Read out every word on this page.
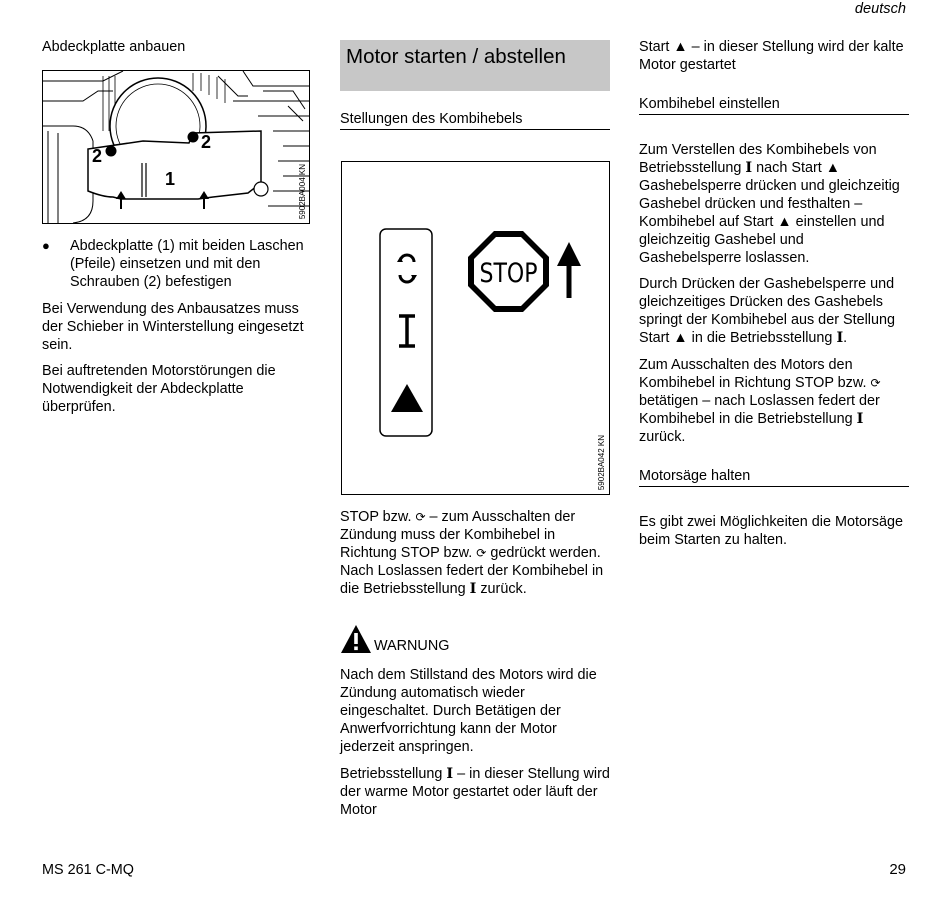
deutsch
Abdeckplatte anbauen
2
2
1	5902BA004 KN
●	Abdeckplatte (1) mit beiden Laschen (Pfeile) einsetzen und mit den Schrauben (2) befestigen

Bei Verwendung des Anbausatzes muss der Schieber in Winterstellung eingesetzt sein.

Bei auftretenden Motorstörungen die Notwendigkeit der Abdeckplatte überprüfen.

Motor starten / abstellen
Stellungen des Kombihebels
STOP
5902BA042 KN

STOP bzw. ⟳ – zum Ausschalten der Zündung muss der Kombihebel in Richtung STOP bzw. ⟳ gedrückt werden. Nach Loslassen federt der Kombihebel in die Betriebsstellung I zurück.

WARNUNG

Nach dem Stillstand des Motors wird die Zündung automatisch wieder eingeschaltet. Durch Betätigen der Anwerfvorrichtung kann der Motor jederzeit anspringen.

Betriebsstellung I – in dieser Stellung wird der warme Motor gestartet oder läuft der Motor

Start ▲ – in dieser Stellung wird der kalte Motor gestartet

Kombihebel einstellen

Zum Verstellen des Kombihebels von Betriebsstellung I nach Start ▲ Gashebelsperre drücken und gleichzeitig Gashebel drücken und festhalten – Kombihebel auf Start ▲ einstellen und gleichzeitig Gashebel und Gashebelsperre loslassen.

Durch Drücken der Gashebelsperre und gleichzeitiges Drücken des Gashebels springt der Kombihebel aus der Stellung Start ▲ in die Betriebsstellung I.

Zum Ausschalten des Motors den Kombihebel in Richtung STOP bzw. ⟳ betätigen – nach Loslassen federt der Kombihebel in die Betriebstellung I zurück.

Motorsäge halten

Es gibt zwei Möglichkeiten die Motorsäge beim Starten zu halten.

MS 261 C-MQ	29
